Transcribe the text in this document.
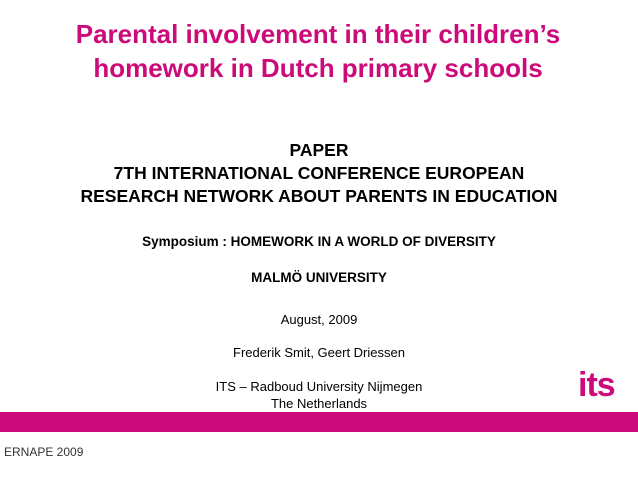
Parental involvement in their children’s
homework in Dutch primary schools
PAPER
7TH INTERNATIONAL CONFERENCE EUROPEAN
RESEARCH NETWORK ABOUT PARENTS IN EDUCATION
Symposium : HOMEWORK IN A WORLD OF DIVERSITY
MALMÖ UNIVERSITY
August, 2009
Frederik Smit, Geert Driessen
ITS – Radboud University Nijmegen
The Netherlands
ERNAPE 2009
its
